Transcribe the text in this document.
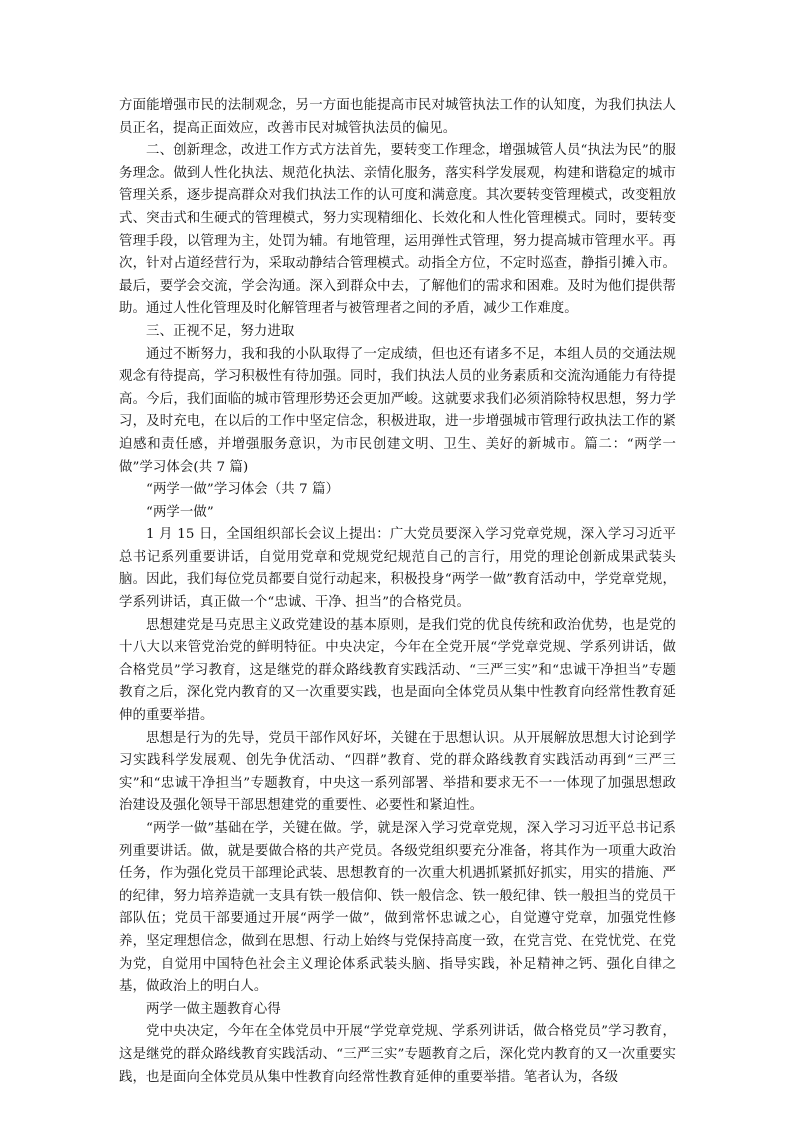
方面能增强市民的法制观念，另一方面也能提高市民对城管执法工作的认知度，为我们执法人员正名，提高正面效应，改善市民对城管执法员的偏见。

二、创新理念，改进工作方式方法首先，要转变工作理念，增强城管人员“执法为民”的服务理念。做到人性化执法、规范化执法、亲情化服务，落实科学发展观，构建和谐稳定的城市管理关系，逐步提高群众对我们执法工作的认可度和满意度。其次要转变管理模式，改变粗放式、突击式和生硬式的管理模式，努力实现精细化、长效化和人性化管理模式。同时，要转变管理手段，以管理为主，处罚为辅。有地管理，运用弹性式管理，努力提高城市管理水平。再次，针对占道经营行为，采取动静结合管理模式。动指全方位，不定时巡查，静指引摊入市。最后，要学会交流，学会沟通。深入到群众中去，了解他们的需求和困难。及时为他们提供帮助。通过人性化管理及时化解管理者与被管理者之间的矛盾，减少工作难度。

三、正视不足，努力进取

通过不断努力，我和我的小队取得了一定成绩，但也还有诸多不足，本组人员的交通法规观念有待提高，学习积极性有待加强。同时，我们执法人员的业务素质和交流沟通能力有待提高。今后，我们面临的城市管理形势还会更加严峻。这就要求我们必须消除特权思想，努力学习，及时充电，在以后的工作中坚定信念，积极进取，进一步增强城市管理行政执法工作的紧迫感和责任感，并增强服务意识，为市民创建文明、卫生、美好的新城市。篇二：“两学一做”学习体会(共 7 篇)

“两学一做”学习体会（共 7 篇）

“两学一做”

1 月 15 日，全国组织部长会议上提出：广大党员要深入学习党章党规，深入学习习近平总书记系列重要讲话，自觉用党章和党规党纪规范自己的言行，用党的理论创新成果武装头脑。因此，我们每位党员都要自觉行动起来，积极投身“两学一做”教育活动中，学党章党规，学系列讲话，真正做一个“忠诚、干净、担当”的合格党员。

思想建党是马克思主义政党建设的基本原则，是我们党的优良传统和政治优势，也是党的十八大以来管党治党的鲜明特征。中央决定，今年在全党开展“学党章党规、学系列讲话，做合格党员”学习教育，这是继党的群众路线教育实践活动、“三严三实”和“忠诚干净担当”专题教育之后，深化党内教育的又一次重要实践，也是面向全体党员从集中性教育向经常性教育延伸的重要举措。

思想是行为的先导，党员干部作风好坏，关键在于思想认识。从开展解放思想大讨论到学习实践科学发展观、创先争优活动、“四群”教育、党的群众路线教育实践活动再到“三严三实”和“忠诚干净担当”专题教育，中央这一系列部署、举措和要求无不一一体现了加强思想政治建设及强化领导干部思想建党的重要性、必要性和紧迫性。

“两学一做”基础在学，关键在做。学，就是深入学习党章党规，深入学习习近平总书记系列重要讲话。做，就是要做合格的共产党员。各级党组织要充分准备，将其作为一项重大政治任务，作为强化党员干部理论武装、思想教育的一次重大机遇抓紧抓好抓实，用实的措施、严的纪律，努力培养造就一支具有铁一般信仰、铁一般信念、铁一般纪律、铁一般担当的党员干部队伍；党员干部要通过开展“两学一做”，做到常怀忠诚之心，自觉遵守党章，加强党性修养，坚定理想信念，做到在思想、行动上始终与党保持高度一致，在党言党、在党忧党、在党为党，自觉用中国特色社会主义理论体系武装头脑、指导实践，补足精神之钙、强化自律之基，做政治上的明白人。

两学一做主题教育心得

党中央决定，今年在全体党员中开展“学党章党规、学系列讲话，做合格党员”学习教育，这是继党的群众路线教育实践活动、“三严三实”专题教育之后，深化党内教育的又一次重要实践，也是面向全体党员从集中性教育向经常性教育延伸的重要举措。笔者认为，各级
